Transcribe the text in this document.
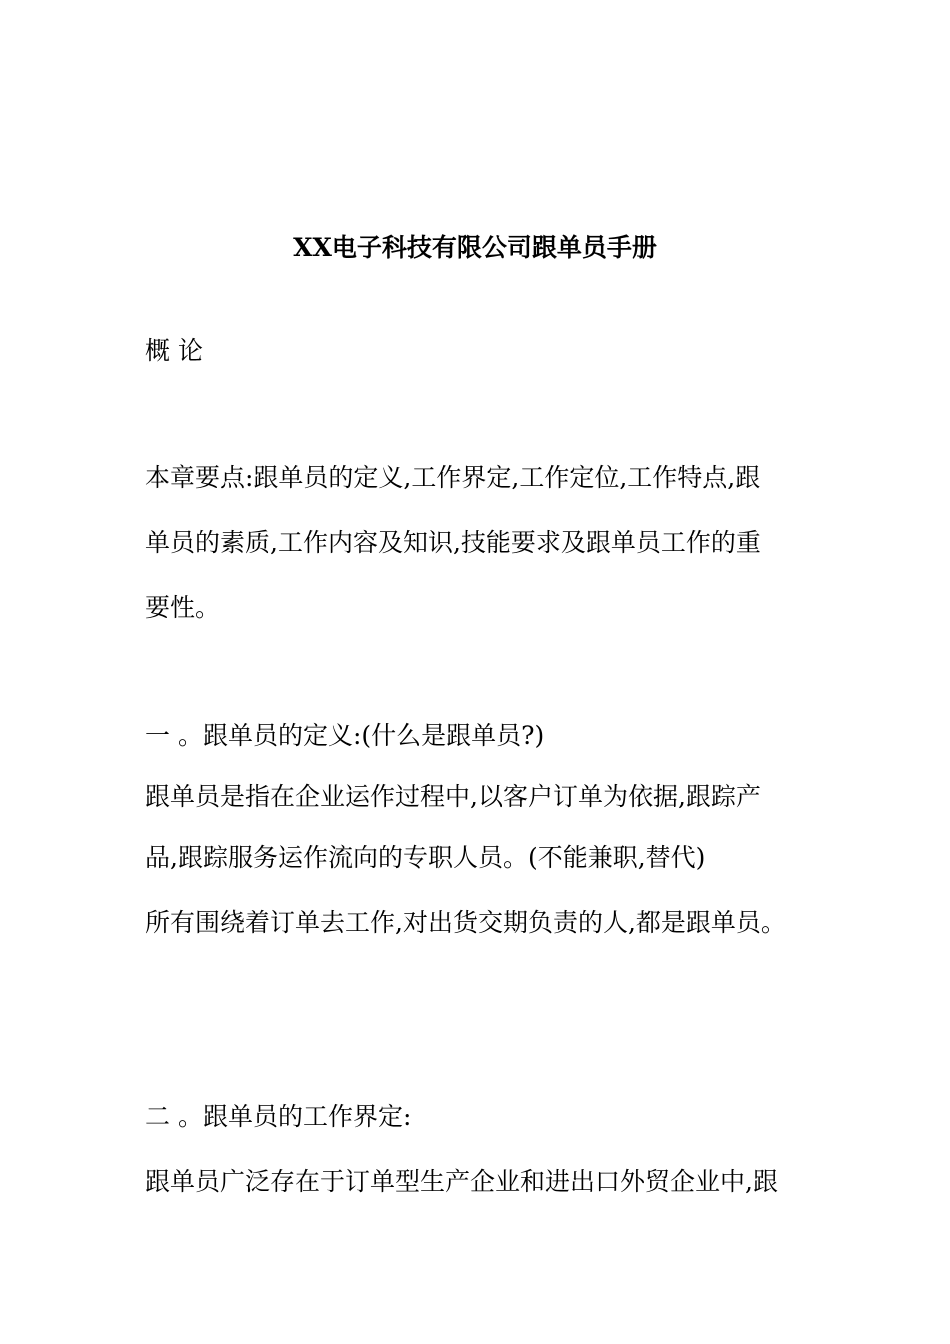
XX电子科技有限公司跟单员手册

概 论

本章要点:跟单员的定义,工作界定,工作定位,工作特点,跟

单员的素质,工作内容及知识,技能要求及跟单员工作的重

要性。

一 。跟单员的定义:(什么是跟单员?)

跟单员是指在企业运作过程中,以客户订单为依据,跟踪产

品,跟踪服务运作流向的专职人员。(不能兼职,替代)

所有围绕着订单去工作,对出货交期负责的人,都是跟单员。

二 。跟单员的工作界定:

跟单员广泛存在于订单型生产企业和进出口外贸企业中,跟
